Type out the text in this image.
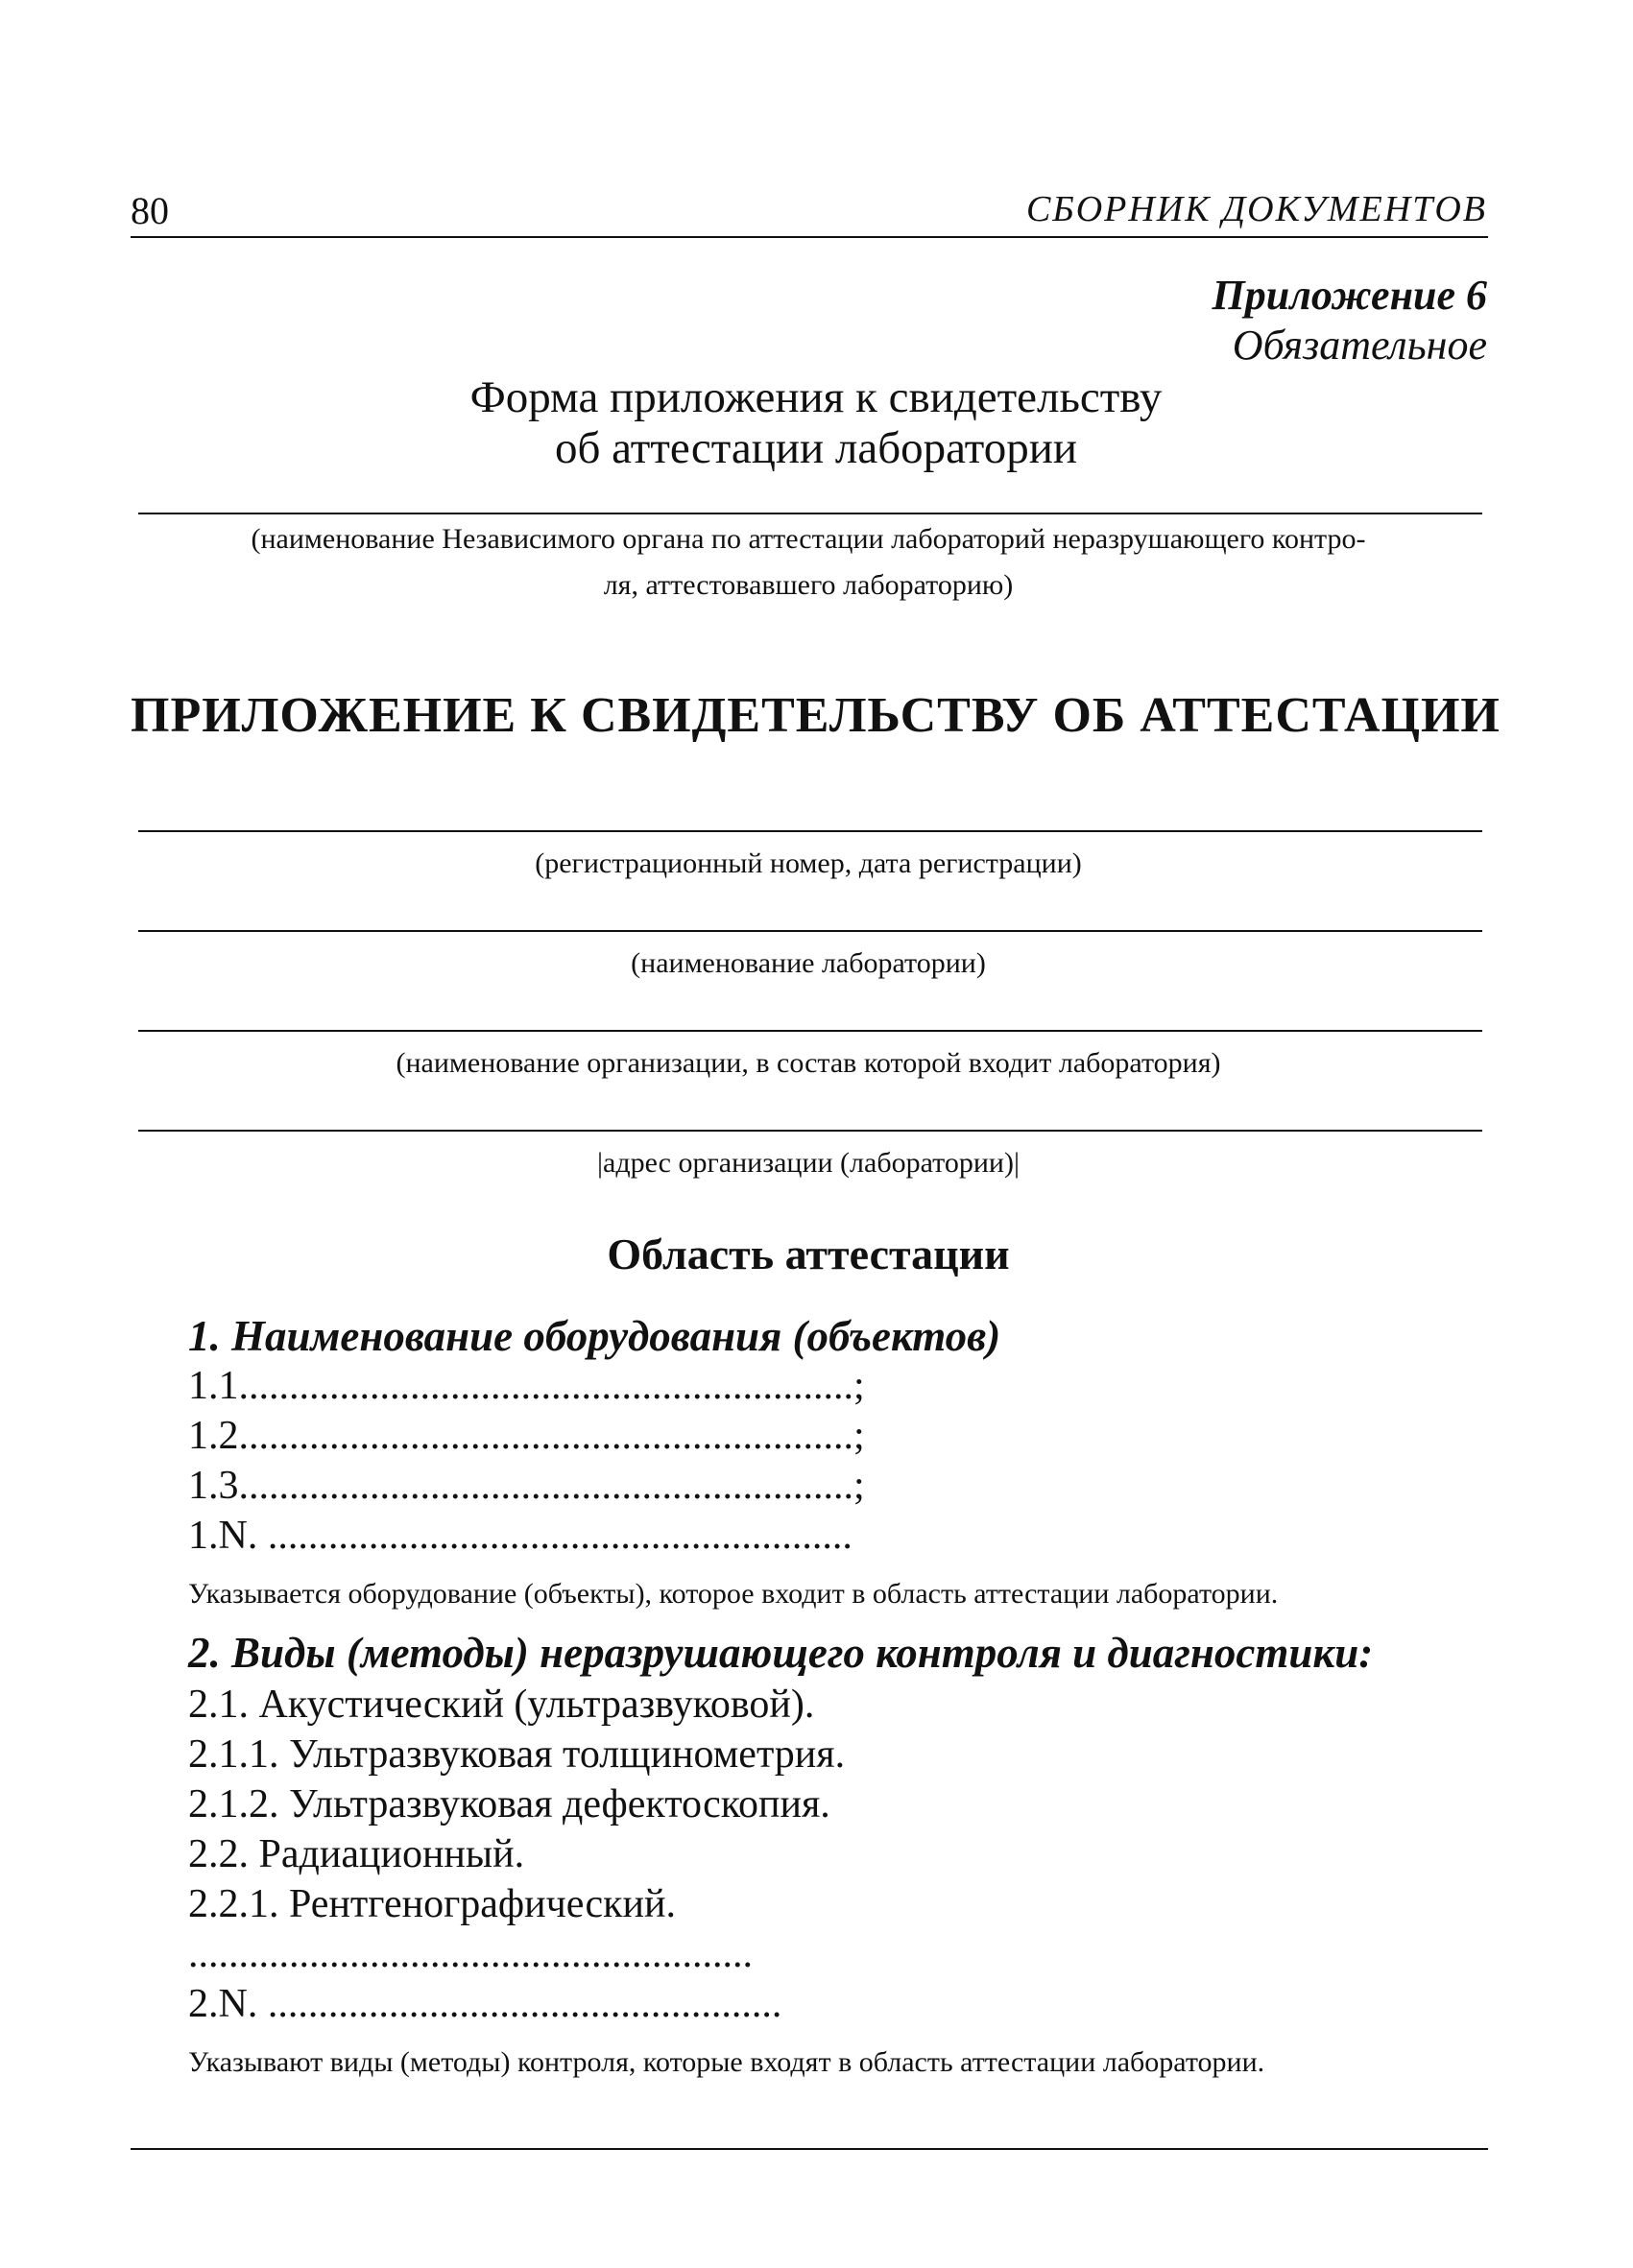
80	СБОРНИК ДОКУМЕНТОВ
Приложение 6
Обязательное
Форма приложения к свидетельству
об аттестации лаборатории
(наименование Независимого органа по аттестации лабораторий неразрушающего контро-
ля, аттестовавшего лабораторию)
ПРИЛОЖЕНИЕ К СВИДЕТЕЛЬСТВУ ОБ АТТЕСТАЦИИ
(регистрационный номер, дата регистрации)
(наименование лаборатории)
(наименование организации, в состав которой входит лаборатория)
|адрес организации (лаборатории)|
Область аттестации
1. Наименование оборудования (объектов)
1.1.............................................................;
1.2.............................................................;
1.3.............................................................;
1.N. ..........................................................
Указывается оборудование (объекты), которое входит в область аттестации лаборатории.
2. Виды (методы) неразрушающего контроля и диагностики:
2.1. Акустический (ультразвуковой).
2.1.1. Ультразвуковая толщинометрия.
2.1.2. Ультразвуковая дефектоскопия.
2.2. Радиационный.
2.2.1. Рентгенографический.
........................................................
2.N. ...................................................
Указывают виды (методы) контроля, которые входят в область аттестации лаборатории.
